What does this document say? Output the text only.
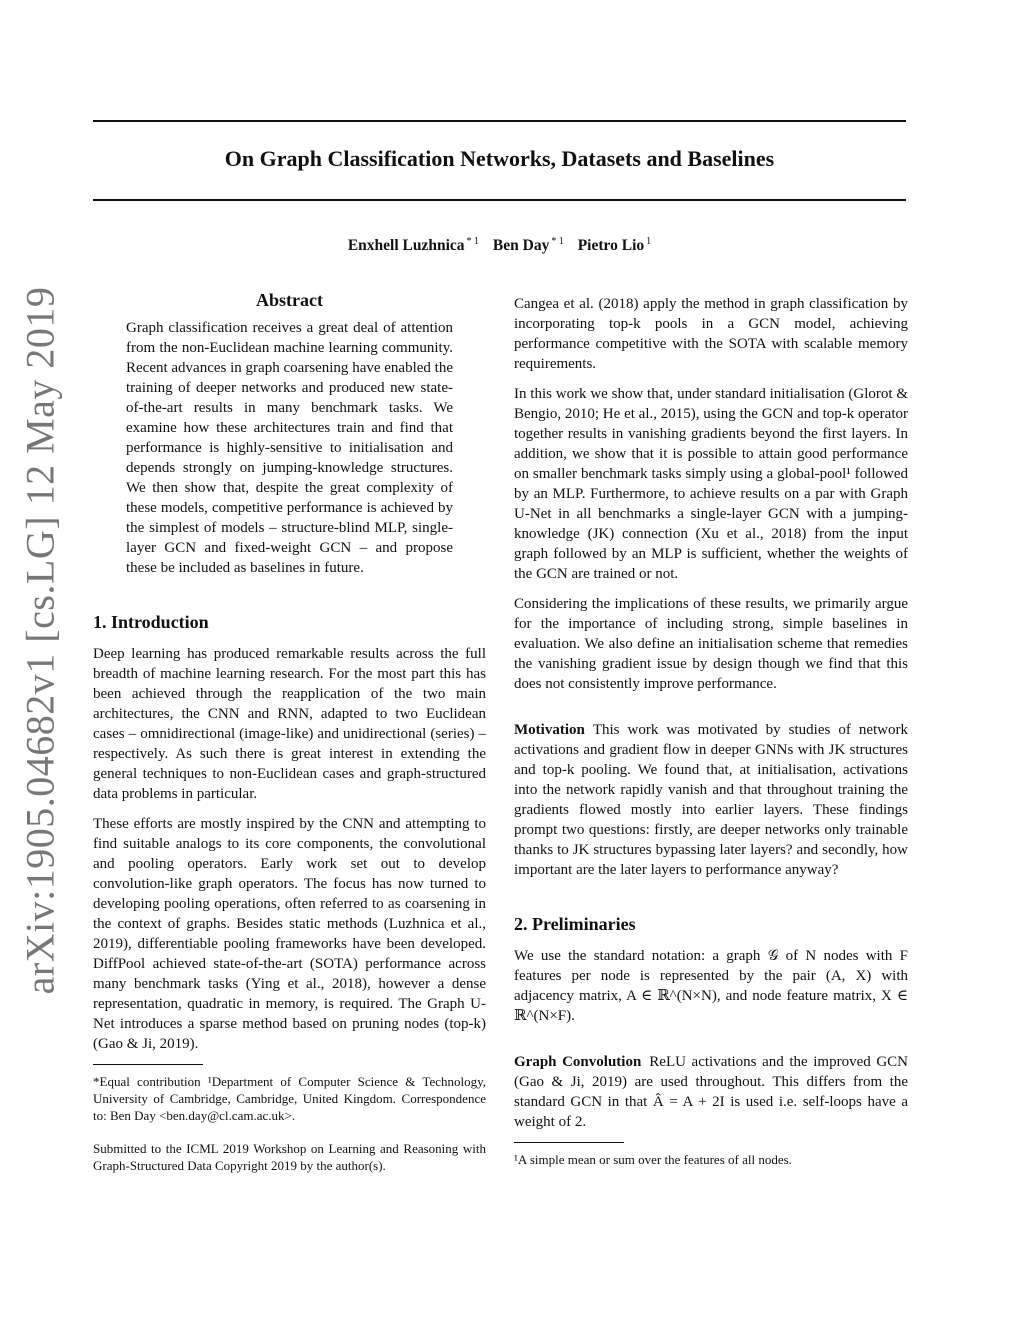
arXiv:1905.04682v1 [cs.LG] 12 May 2019
On Graph Classification Networks, Datasets and Baselines
Enxhell Luzhnica $^{* 1}$ Ben Day $^{* 1}$ Pietro Lio $^1$
Abstract

Graph classification receives a great deal of attention from the non-Euclidean machine learning community. Recent advances in graph coarsening have enabled the training of deeper networks and produced new state-of-the-art results in many benchmark tasks. We examine how these architectures train and find that performance is highly-sensitive to initialisation and depends strongly on jumping-knowledge structures. We then show that, despite the great complexity of these models, competitive performance is achieved by the simplest of models – structure-blind MLP, single-layer GCN and fixed-weight GCN – and propose these be included as baselines in future.

1. Introduction

Deep learning has produced remarkable results across the full breadth of machine learning research. For the most part this has been achieved through the reapplication of the two main architectures, the CNN and RNN, adapted to two Euclidean cases – omnidirectional (image-like) and unidirectional (series) – respectively. As such there is great interest in extending the general techniques to non-Euclidean cases and graph-structured data problems in particular.

These efforts are mostly inspired by the CNN and attempting to find suitable analogs to its core components, the convolutional and pooling operators. Early work set out to develop convolution-like graph operators. The focus has now turned to developing pooling operations, often referred to as coarsening in the context of graphs. Besides static methods (Luzhnica et al., 2019), differentiable pooling frameworks have been developed. DiffPool achieved state-of-the-art (SOTA) performance across many benchmark tasks (Ying et al., 2018), however a dense representation, quadratic in memory, is required. The Graph U-Net introduces a sparse method based on pruning nodes (top-k) (Gao & Ji, 2019).

*Equal contribution ¹Department of Computer Science & Technology, University of Cambridge, Cambridge, United Kingdom. Correspondence to: Ben Day <ben.day@cl.cam.ac.uk>.

Submitted to the ICML 2019 Workshop on Learning and Reasoning with Graph-Structured Data Copyright 2019 by the author(s).

Cangea et al. (2018) apply the method in graph classification by incorporating top-k pools in a GCN model, achieving performance competitive with the SOTA with scalable memory requirements.

In this work we show that, under standard initialisation (Glorot & Bengio, 2010; He et al., 2015), using the GCN and top-k operator together results in vanishing gradients beyond the first layers. In addition, we show that it is possible to attain good performance on smaller benchmark tasks simply using a global-pool¹ followed by an MLP. Furthermore, to achieve results on a par with Graph U-Net in all benchmarks a single-layer GCN with a jumping-knowledge (JK) connection (Xu et al., 2018) from the input graph followed by an MLP is sufficient, whether the weights of the GCN are trained or not.

Considering the implications of these results, we primarily argue for the importance of including strong, simple baselines in evaluation. We also define an initialisation scheme that remedies the vanishing gradient issue by design though we find that this does not consistently improve performance.

Motivation This work was motivated by studies of network activations and gradient flow in deeper GNNs with JK structures and top-k pooling. We found that, at initialisation, activations into the network rapidly vanish and that throughout training the gradients flowed mostly into earlier layers. These findings prompt two questions: firstly, are deeper networks only trainable thanks to JK structures bypassing later layers? and secondly, how important are the later layers to performance anyway?

2. Preliminaries

We use the standard notation: a graph 𝒢 of N nodes with F features per node is represented by the pair (A, X) with adjacency matrix, A ∈ ℝ^(N×N), and node feature matrix, X ∈ ℝ^(N×F).

Graph Convolution ReLU activations and the improved GCN (Gao & Ji, 2019) are used throughout. This differs from the standard GCN in that Â = A + 2I is used i.e. self-loops have a weight of 2.

¹A simple mean or sum over the features of all nodes.
